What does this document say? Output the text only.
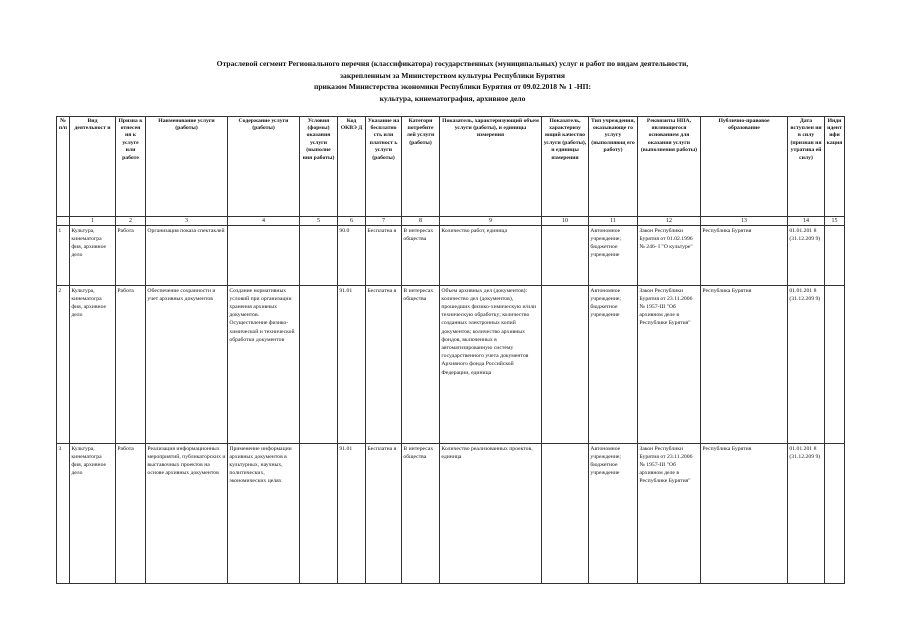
Отраслевой сегмент Регионального перечня (классификатора) государственных (муниципальных) услуг и работ по видам деятельности,
закрепленным за Министерством культуры Республики Бурятия
приказом Министерства экономики Республики Бурятия от 09.02.2018 № 1 -НП:
культура, кинематография, архивное дело
№ п/п	Вид деятельност и	Призна к отнесен ия к услуге или работе	Наименование услуги (работы)	Содержание услуги (работы)	Условия (формы) оказания услуги (выполне ния работы)	Код ОКВЭ Д	Указание на бесплатно сть или платност ь услуги (работы)	Категори потребите лей услуги (работы)	Показатель, характеризующий объем услуги (работы), и единицы измерения	Показатель, характеризу ющий качество услуги (работы), и единицы измерения	Тип учреждения, оказывающе го услугу (выполняющ его работу)	Реквизиты НПА, являющегося основанием для оказания услуги (выполнения работы)	Публично-правовое образование	Дата вступлен ия в силу (признан ия утратива ей силу)	Инди идентифи кация
	1	2	3	4	5	6	7	8	9	10	11	12	13	14	15
1	Культура, кинематогра фия, архивное дело	Работа	Организация показа спектаклей			90.0	Бесплатна я	В интересах общества	Количество работ, единица		Автономное учреждение; бюджетное учреждение	Закон Республики Бурятия от 01.02.1996 № 246- I "О культуре"	Республика Бурятия	01.01.201 8 (31.12.209 9)	
2	Культура, кинематогра фия, архивное дело	Работа	Обеспечение сохранности и учет архивных документов	Создание нормативных условий при организации хранения архивных документов. Осуществление физико-химической и технической обработки документов		91.01	Бесплатна я	В интересах общества	Объем архивных дел (документов): количество дел (документов), прошедших физико-химическую и/или техническую обработку; количество созданных электронных копий документов; количество архивных фондов, включенных в автоматизированную систему государственного учета документов Архивного фонда Российской Федерации, единица		Автономное учреждение; бюджетное учреждение	Закон Республики Бурятия от 23.11.2006 № 1957-III "Об архивном деле в Республике Бурятия"	Республика Бурятия	01.01.201 8 (31.12.209 9)	
3	Культура, кинематогра фия, архивное дело	Работа	Реализация информационных мероприятий, публикаторских и выставочных проектов на основе архивных документов	Применение информации архивных документов в культурных, научных, политических, экономических целях		91.01	Бесплатна я	В интересах общества	Количество реализованных проектов, единица		Автономное учреждение; бюджетное учреждение	Закон Республики Бурятия от 23.11.2006 № 1957-III "Об архивном деле в Республике Бурятия"	Республика Бурятия	01.01.201 8 (31.12.209 9)	
